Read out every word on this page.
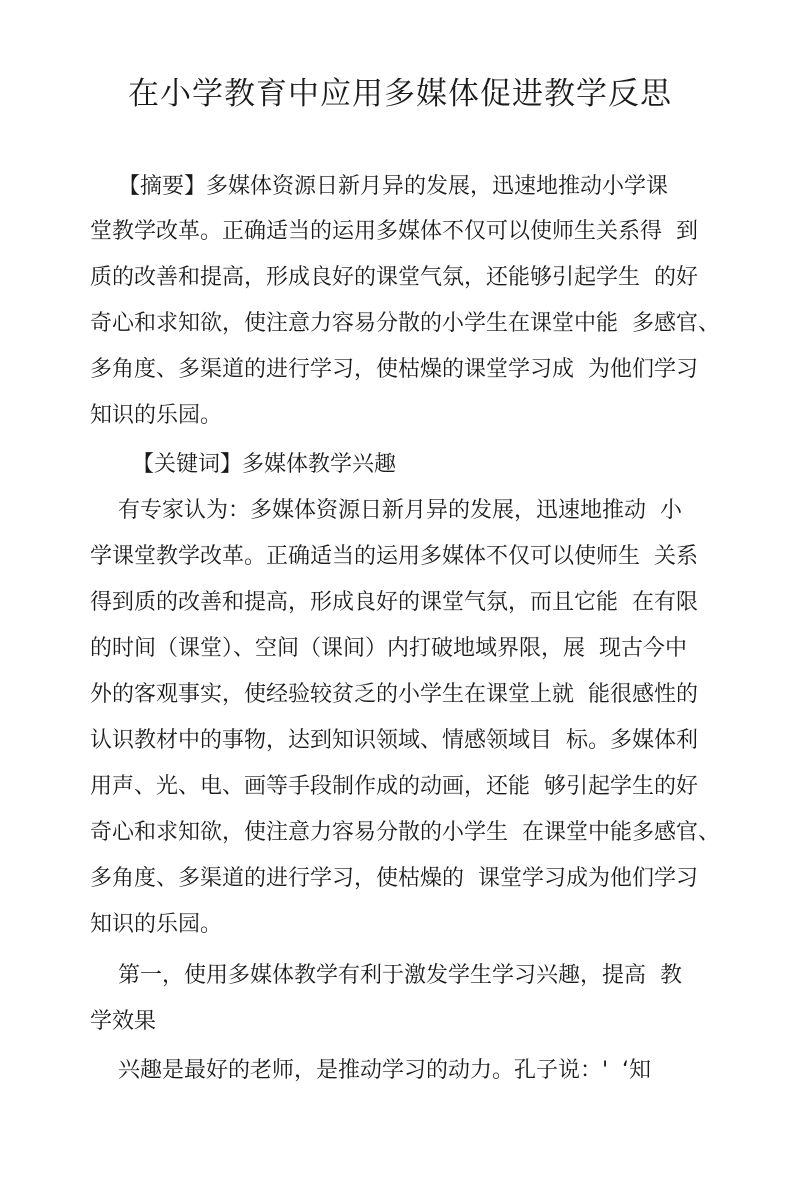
在小学教育中应用多媒体促进教学反思

【摘要】多媒体资源日新月异的发展，迅速地推动小学课

堂教学改革。正确适当的运用多媒体不仅可以使师生关系得  到

质的改善和提高，形成良好的课堂气氛，还能够引起学生  的好

奇心和求知欲，使注意力容易分散的小学生在课堂中能  多感官、

多角度、多渠道的进行学习，使枯燥的课堂学习成  为他们学习

知识的乐园。

【关键词】多媒体教学兴趣

有专家认为：多媒体资源日新月异的发展，迅速地推动  小

学课堂教学改革。正确适当的运用多媒体不仅可以使师生  关系

得到质的改善和提高，形成良好的课堂气氛，而且它能  在有限

的时间（课堂）、空间（课间）内打破地域界限，展  现古今中

外的客观事实，使经验较贫乏的小学生在课堂上就  能很感性的

认识教材中的事物，达到知识领域、情感领域目  标。多媒体利

用声、光、电、画等手段制作成的动画，还能  够引起学生的好

奇心和求知欲，使注意力容易分散的小学生  在课堂中能多感官、

多角度、多渠道的进行学习，使枯燥的  课堂学习成为他们学习

知识的乐园。

第一，使用多媒体教学有利于激发学生学习兴趣，提高  教

学效果

兴趣是最好的老师，是推动学习的动力。孔子说：'  ‘知
